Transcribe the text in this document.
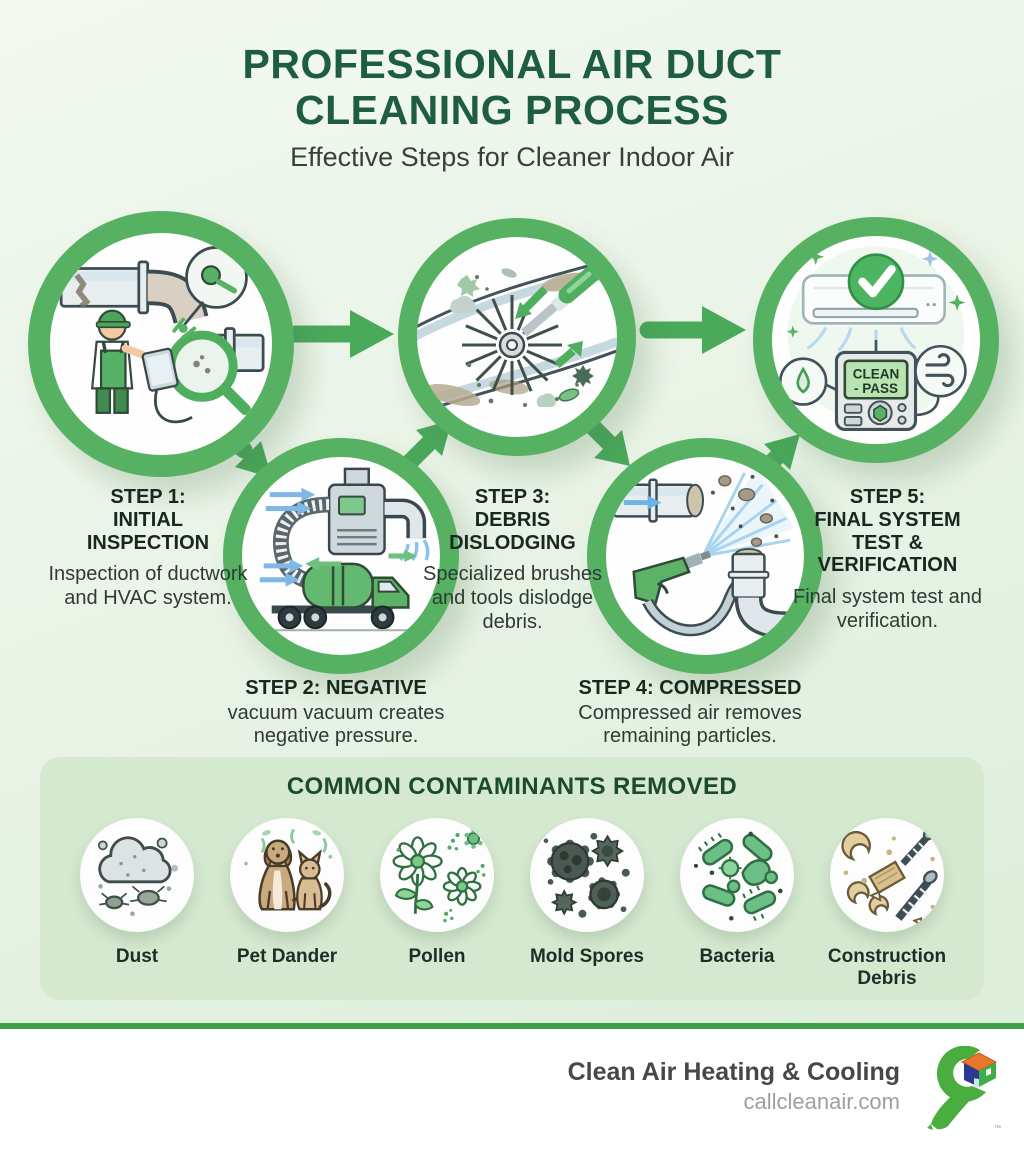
PROFESSIONAL AIR DUCT
CLEANING PROCESS

Effective Steps for Cleaner Indoor Air

CLEAN
- PASS

STEP 1:
INITIAL
INSPECTION

Inspection of ductwork and HVAC system.

STEP 3:
DEBRIS
DISLODGING

Specialized brushes and tools dislodge debris.

STEP 5:
FINAL SYSTEM
TEST &
VERIFICATION

Final system test and verification.

STEP 2: NEGATIVE

vacuum vacuum creates negative pressure.

STEP 4: COMPRESSED

Compressed air removes remaining particles.

COMMON CONTAMINANTS REMOVED
Dust	Pet Dander	Pollen	Mold Spores	Bacteria	Construction Debris

Clean Air Heating & Cooling

callcleanair.com

™
